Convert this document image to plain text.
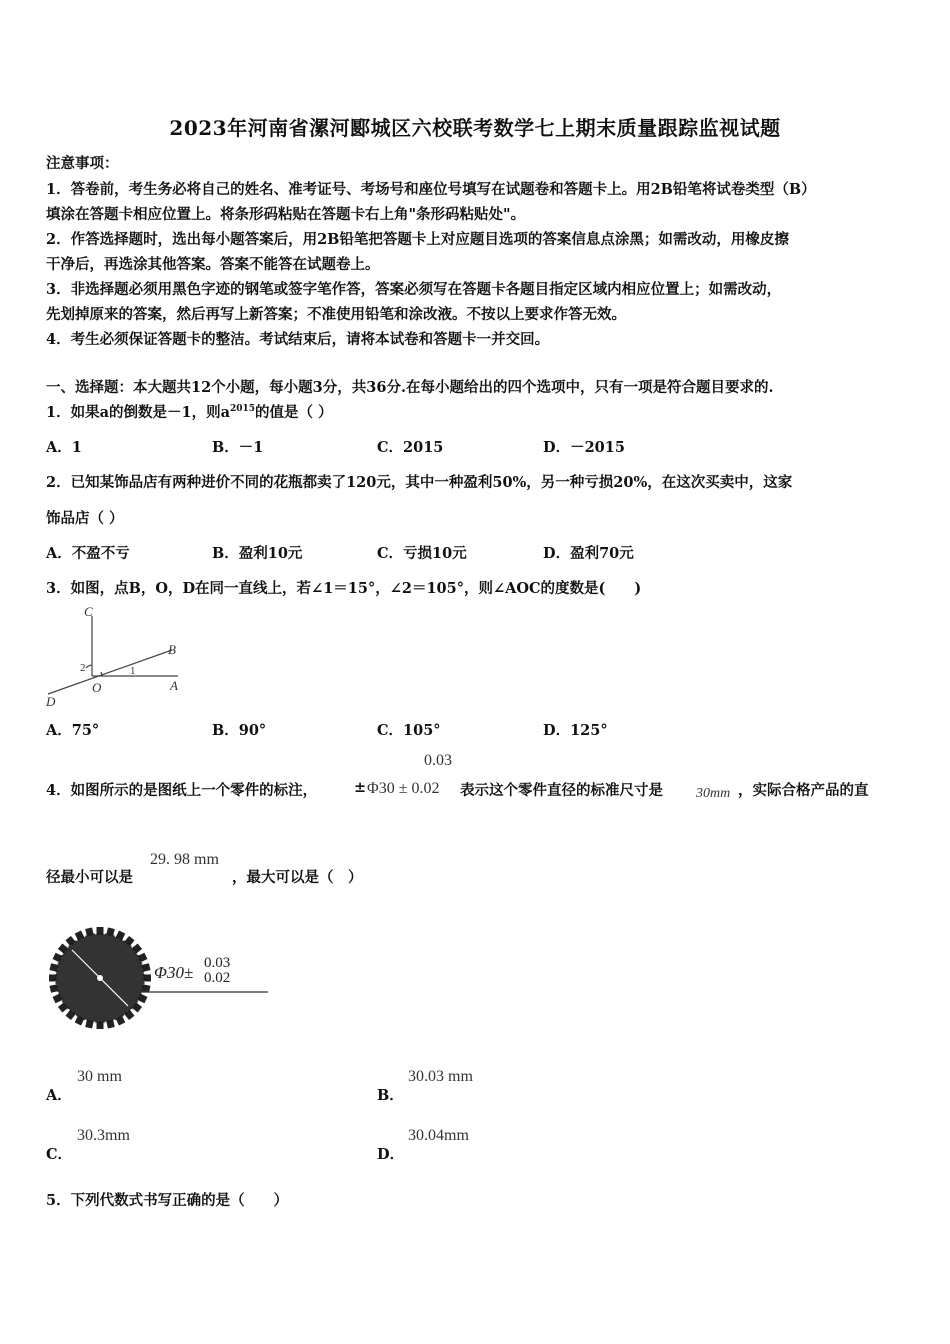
2023年河南省漯河郾城区六校联考数学七上期末质量跟踪监视试题
注意事项：
1．答卷前，考生务必将自己的姓名、准考证号、考场号和座位号填写在试题卷和答题卡上。用2B铅笔将试卷类型（B）
填涂在答题卡相应位置上。将条形码粘贴在答题卡右上角"条形码粘贴处"。
2．作答选择题时，选出每小题答案后，用2B铅笔把答题卡上对应题目选项的答案信息点涂黑；如需改动，用橡皮擦
干净后，再选涂其他答案。答案不能答在试题卷上。
3．非选择题必须用黑色字迹的钢笔或签字笔作答，答案必须写在答题卡各题目指定区域内相应位置上；如需改动，
先划掉原来的答案，然后再写上新答案；不准使用铅笔和涂改液。不按以上要求作答无效。
4．考生必须保证答题卡的整洁。考试结束后，请将本试卷和答题卡一并交回。
一、选择题：本大题共12个小题，每小题3分，共36分.在每小题给出的四个选项中，只有一项是符合题目要求的.
1．如果a的倒数是－1，则$a^{2015}$的值是（ ）
A．1	B．－1	C．2015	D．－2015
2．已知某饰品店有两种进价不同的花瓶都卖了120元，其中一种盈利50%，另一种亏损20%，在这次买卖中，这家
饰品店（ ）
A．不盈不亏	B．盈利10元	C．亏损10元	D．盈利70元
3．如图，点B，O，D在同一直线上，若∠1＝15°，∠2＝105°，则∠AOC的度数是(　　)
C
B
O	A
D
1
2
A．75°	B．90°	C．105°	D．125°
0.03
4．如图所示的是图纸上一个零件的标注，	± Φ30 ± 0.02 表示这个零件直径的标准尺寸是 30mm ，实际合格产品的直
径最小可以是
29. 98 mm
，最大可以是（　）
Φ30± 0.03
0.02
A．
30 mm
B．
30.03 mm
C．
30.3mm
D．
30.04mm
5．下列代数式书写正确的是（　　）
